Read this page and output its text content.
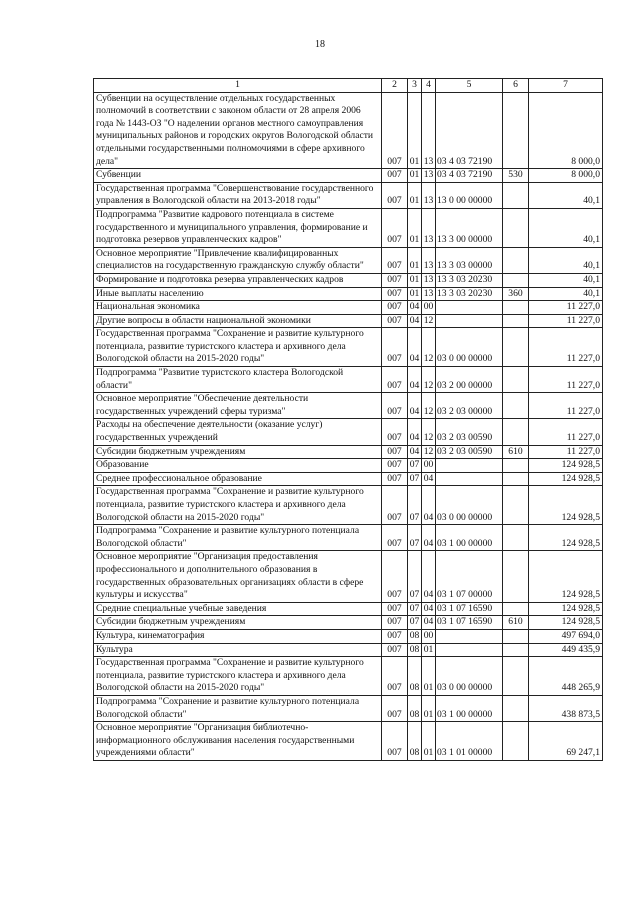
18
1	2	3	4	5	6	7
Субвенции на осуществление отдельных государственных полномочий в соответствии с законом области от 28 апреля 2006 года № 1443-ОЗ "О наделении органов местного самоуправления муниципальных районов и городских округов Вологодской области отдельными государственными полномочиями в сфере архивного дела"	007	01	13	03 4 03 72190		8 000,0
Субвенции	007	01	13	03 4 03 72190	530	8 000,0
Государственная программа "Совершенствование государственного управления в Вологодской области на 2013-2018 годы"	007	01	13	13 0 00 00000		40,1
Подпрограмма "Развитие кадрового потенциала в системе государственного и муниципального управления, формирование и подготовка резервов управленческих кадров"	007	01	13	13 3 00 00000		40,1
Основное мероприятие "Привлечение квалифицированных специалистов на государственную гражданскую службу области"	007	01	13	13 3 03 00000		40,1
Формирование и подготовка резерва управленческих кадров	007	01	13	13 3 03 20230		40,1
Иные выплаты населению	007	01	13	13 3 03 20230	360	40,1
Национальная экономика	007	04	00			11 227,0
Другие вопросы в области национальной экономики	007	04	12			11 227,0
Государственная программа "Сохранение и развитие культурного потенциала, развитие туристского кластера и архивного дела Вологодской области на 2015-2020 годы"	007	04	12	03 0 00 00000		11 227,0
Подпрограмма "Развитие туристского кластера Вологодской области"	007	04	12	03 2 00 00000		11 227,0
Основное мероприятие "Обеспечение деятельности государственных учреждений сферы туризма"	007	04	12	03 2 03 00000		11 227,0
Расходы на обеспечение деятельности (оказание услуг) государственных учреждений	007	04	12	03 2 03 00590		11 227,0
Субсидии бюджетным учреждениям	007	04	12	03 2 03 00590	610	11 227,0
Образование	007	07	00			124 928,5
Среднее профессиональное образование	007	07	04			124 928,5
Государственная программа "Сохранение и развитие культурного потенциала, развитие туристского кластера и архивного дела Вологодской области на 2015-2020 годы"	007	07	04	03 0 00 00000		124 928,5
Подпрограмма "Сохранение и развитие культурного потенциала Вологодской области"	007	07	04	03 1 00 00000		124 928,5
Основное мероприятие "Организация предоставления профессионального и дополнительного образования в государственных образовательных организациях области в сфере культуры и искусства"	007	07	04	03 1 07 00000		124 928,5
Средние специальные учебные заведения	007	07	04	03 1 07 16590		124 928,5
Субсидии бюджетным учреждениям	007	07	04	03 1 07 16590	610	124 928,5
Культура, кинематография	007	08	00			497 694,0
Культура	007	08	01			449 435,9
Государственная программа "Сохранение и развитие культурного потенциала, развитие туристского кластера и архивного дела Вологодской области на 2015-2020 годы"	007	08	01	03 0 00 00000		448 265,9
Подпрограмма "Сохранение и развитие культурного потенциала Вологодской области"	007	08	01	03 1 00 00000		438 873,5
Основное мероприятие "Организация библиотечно-информационного обслуживания населения государственными учреждениями области"	007	08	01	03 1 01 00000		69 247,1
